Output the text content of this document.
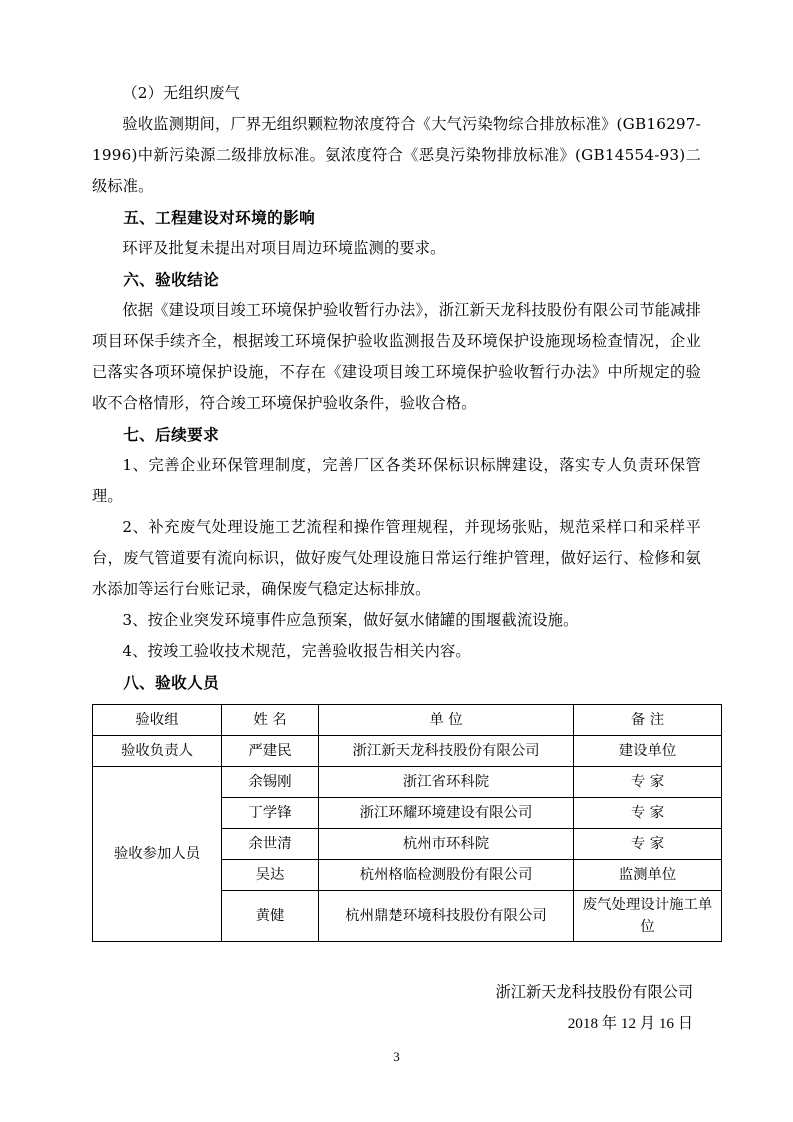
（2）无组织废气

验收监测期间，厂界无组织颗粒物浓度符合《大气污染物综合排放标准》(GB16297-1996)中新污染源二级排放标准。氨浓度符合《恶臭污染物排放标准》(GB14554-93)二级标准。

五、工程建设对环境的影响

环评及批复未提出对项目周边环境监测的要求。

六、验收结论

依据《建设项目竣工环境保护验收暂行办法》，浙江新天龙科技股份有限公司节能减排项目环保手续齐全，根据竣工环境保护验收监测报告及环境保护设施现场检查情况，企业已落实各项环境保护设施，不存在《建设项目竣工环境保护验收暂行办法》中所规定的验收不合格情形，符合竣工环境保护验收条件，验收合格。

七、后续要求

1、完善企业环保管理制度，完善厂区各类环保标识标牌建设，落实专人负责环保管理。

2、补充废气处理设施工艺流程和操作管理规程，并现场张贴，规范采样口和采样平台，废气管道要有流向标识，做好废气处理设施日常运行维护管理，做好运行、检修和氨水添加等运行台账记录，确保废气稳定达标排放。

3、按企业突发环境事件应急预案，做好氨水储罐的围堰截流设施。

4、按竣工验收技术规范，完善验收报告相关内容。

八、验收人员

验收组	姓 名	单 位	备 注
验收负责人	严建民	浙江新天龙科技股份有限公司	建设单位
验收参加人员	余锡刚	浙江省环科院	专 家
	丁学锋	浙江环耀环境建设有限公司	专 家
	余世清	杭州市环科院	专 家
	吴达	杭州格临检测股份有限公司	监测单位
	黄健	杭州鼎楚环境科技股份有限公司	废气处理设计施工单位
浙江新天龙科技股份有限公司
2018 年 12 月 16 日
3
